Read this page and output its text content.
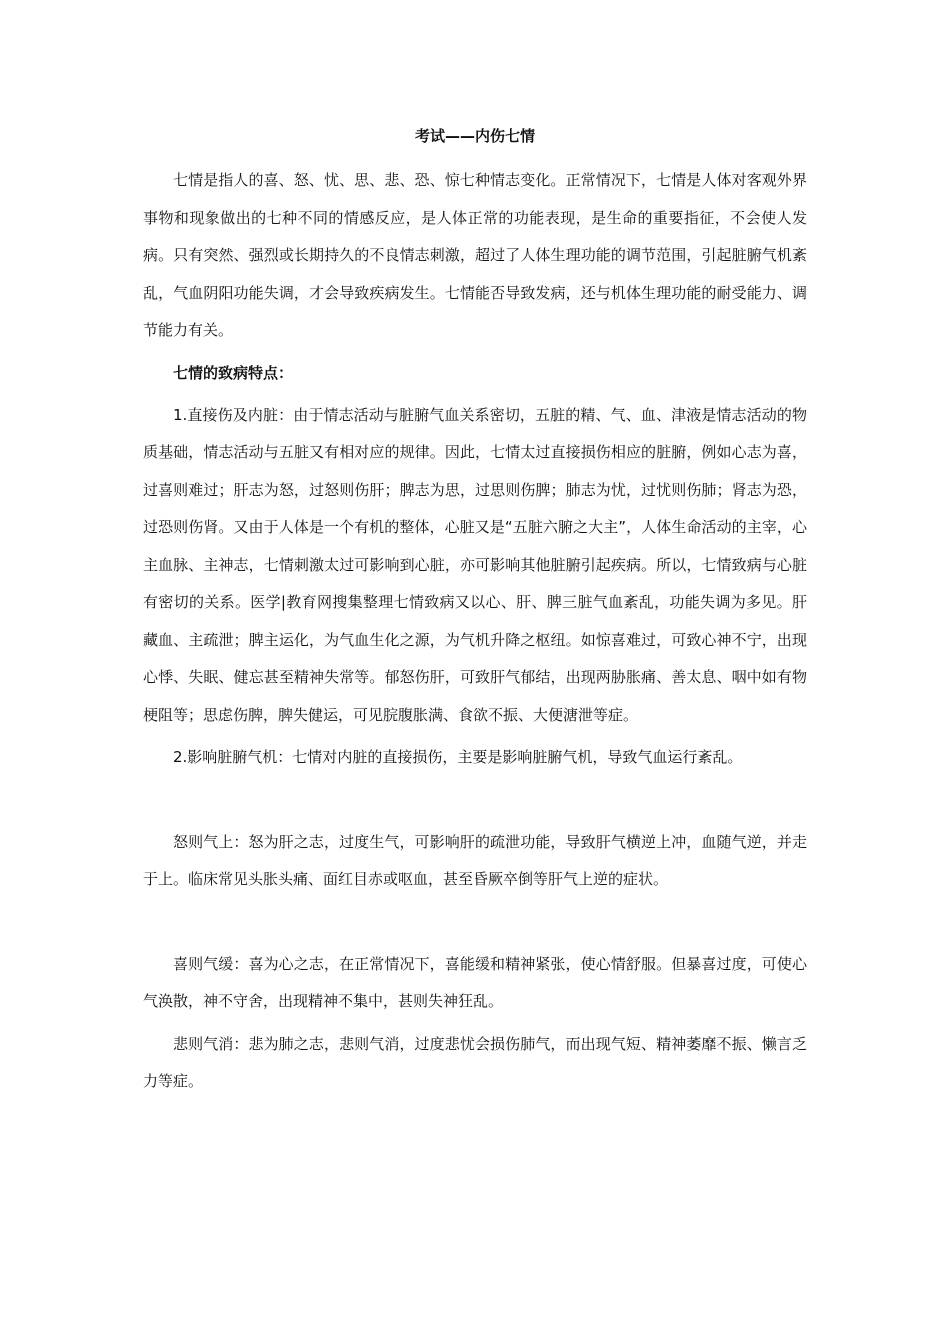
考试——内伤七情

七情是指人的喜、怒、忧、思、悲、恐、惊七种情志变化。正常情况下，七情是人体对客观外界事物和现象做出的七种不同的情感反应，是人体正常的功能表现，是生命的重要指征，不会使人发病。只有突然、强烈或长期持久的不良情志刺激，超过了人体生理功能的调节范围，引起脏腑气机紊乱，气血阴阳功能失调，才会导致疾病发生。七情能否导致发病，还与机体生理功能的耐受能力、调节能力有关。

七情的致病特点：

1.直接伤及内脏：由于情志活动与脏腑气血关系密切，五脏的精、气、血、津液是情志活动的物质基础，情志活动与五脏又有相对应的规律。因此，七情太过直接损伤相应的脏腑，例如心志为喜，过喜则难过；肝志为怒，过怒则伤肝；脾志为思，过思则伤脾；肺志为忧，过忧则伤肺；肾志为恐，过恐则伤肾。又由于人体是一个有机的整体，心脏又是“五脏六腑之大主”，人体生命活动的主宰，心主血脉、主神志，七情刺激太过可影响到心脏，亦可影响其他脏腑引起疾病。所以，七情致病与心脏有密切的关系。医学|教育网搜集整理七情致病又以心、肝、脾三脏气血紊乱，功能失调为多见。肝藏血、主疏泄；脾主运化，为气血生化之源，为气机升降之枢纽。如惊喜难过，可致心神不宁，出现心悸、失眠、健忘甚至精神失常等。郁怒伤肝，可致肝气郁结，出现两胁胀痛、善太息、咽中如有物梗阻等；思虑伤脾，脾失健运，可见脘腹胀满、食欲不振、大便溏泄等症。

2.影响脏腑气机：七情对内脏的直接损伤，主要是影响脏腑气机，导致气血运行紊乱。

怒则气上：怒为肝之志，过度生气，可影响肝的疏泄功能，导致肝气横逆上冲，血随气逆，并走于上。临床常见头胀头痛、面红目赤或呕血，甚至昏厥卒倒等肝气上逆的症状。

喜则气缓：喜为心之志，在正常情况下，喜能缓和精神紧张，使心情舒服。但暴喜过度，可使心气涣散，神不守舍，出现精神不集中，甚则失神狂乱。

悲则气消：悲为肺之志，悲则气消，过度悲忧会损伤肺气，而出现气短、精神萎靡不振、懒言乏力等症。
